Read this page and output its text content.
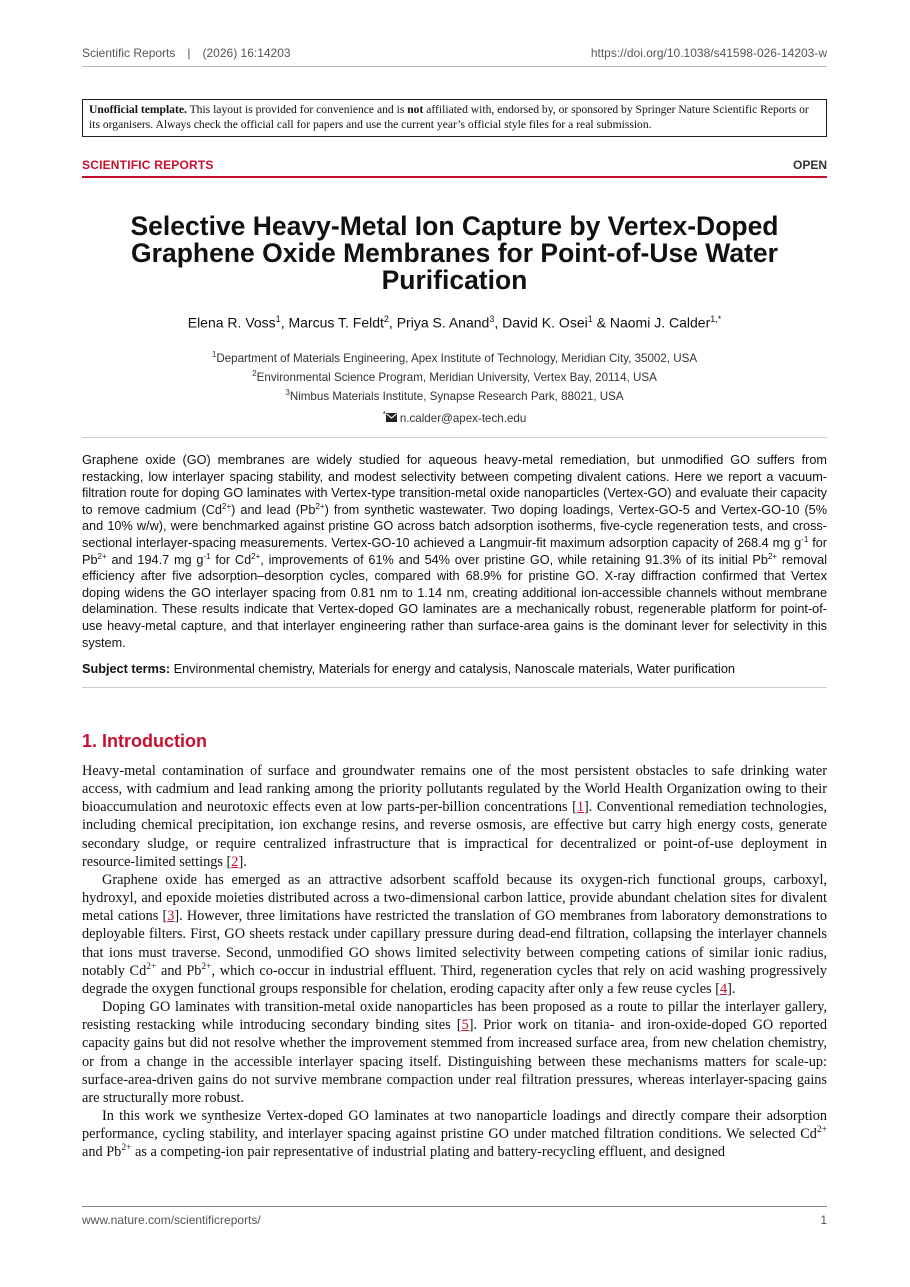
Scientific Reports | (2026) 16:14203	https://doi.org/10.1038/s41598-026-14203-w
Unofficial template. This layout is provided for convenience and is not affiliated with, endorsed by, or sponsored by Springer Nature Scientific Reports or its organisers. Always check the official call for papers and use the current year’s official style files for a real submission.
SCIENTIFIC REPORTS	OPEN
Selective Heavy-Metal Ion Capture by Vertex-Doped Graphene Oxide Membranes for Point-of-Use Water Purification
Elena R. Voss$^1$, Marcus T. Feldt$^2$, Priya S. Anand$^3$, David K. Osei$^1$ & Naomi J. Calder$^{1,*}$
$^1$Department of Materials Engineering, Apex Institute of Technology, Meridian City, 35002, USA
$^2$Environmental Science Program, Meridian University, Vertex Bay, 20114, USA
$^3$Nimbus Materials Institute, Synapse Research Park, 88021, USA
* n.calder@apex-tech.edu
Graphene oxide (GO) membranes are widely studied for aqueous heavy-metal remediation, but unmodified GO suffers from restacking, low interlayer spacing stability, and modest selectivity between competing divalent cations. Here we report a vacuum-filtration route for doping GO laminates with Vertex-type transition-metal oxide nanoparticles (Vertex-GO) and evaluate their capacity to remove cadmium $(Cd^{2+})$ and lead $(Pb^{2+})$ from synthetic wastewater. Two doping loadings, Vertex-GO-5 and Vertex-GO-10 (5% and 10% w/w), were benchmarked against pristine GO across batch adsorption isotherms, five-cycle regeneration tests, and cross-sectional interlayer-spacing measurements. Vertex-GO-10 achieved a Langmuir-fit maximum adsorption capacity of 268.4 mg $g^{-1}$ for $Pb^{2+}$ and 194.7 mg $g^{-1}$ for $Cd^{2+}$, improvements of 61% and 54% over pristine GO, while retaining 91.3% of its initial $Pb^{2+}$ removal efficiency after five adsorption–desorption cycles, compared with 68.9% for pristine GO. X-ray diffraction confirmed that Vertex doping widens the GO interlayer spacing from 0.81 nm to 1.14 nm, creating additional ion-accessible channels without membrane delamination. These results indicate that Vertex-doped GO laminates are a mechanically robust, regenerable platform for point-of-use heavy-metal capture, and that interlayer engineering rather than surface-area gains is the dominant lever for selectivity in this system.
Subject terms: Environmental chemistry, Materials for energy and catalysis, Nanoscale materials, Water purification
1. Introduction

Heavy-metal contamination of surface and groundwater remains one of the most persistent obstacles to safe drinking water access, with cadmium and lead ranking among the priority pollutants regulated by the World Health Organization owing to their bioaccumulation and neurotoxic effects even at low parts-per-billion concentrations [1]. Conventional remediation technologies, including chemical precipitation, ion exchange resins, and reverse osmosis, are effective but carry high energy costs, generate secondary sludge, or require centralized infrastructure that is impractical for decentralized or point-of-use deployment in resource-limited settings [2].

Graphene oxide has emerged as an attractive adsorbent scaffold because its oxygen-rich functional groups, carboxyl, hydroxyl, and epoxide moieties distributed across a two-dimensional carbon lattice, provide abundant chelation sites for divalent metal cations [3]. However, three limitations have restricted the translation of GO membranes from laboratory demonstrations to deployable filters. First, GO sheets restack under capillary pressure during dead-end filtration, collapsing the interlayer channels that ions must traverse. Second, unmodified GO shows limited selectivity between competing cations of similar ionic radius, notably $Cd^{2+}$ and $Pb^{2+}$, which co-occur in industrial effluent. Third, regeneration cycles that rely on acid washing progressively degrade the oxygen functional groups responsible for chelation, eroding capacity after only a few reuse cycles [4].

Doping GO laminates with transition-metal oxide nanoparticles has been proposed as a route to pillar the interlayer gallery, resisting restacking while introducing secondary binding sites [5]. Prior work on titania- and iron-oxide-doped GO reported capacity gains but did not resolve whether the improvement stemmed from increased surface area, from new chelation chemistry, or from a change in the accessible interlayer spacing itself. Distinguishing between these mechanisms matters for scale-up: surface-area-driven gains do not survive membrane compaction under real filtration pressures, whereas interlayer-spacing gains are structurally more robust.

In this work we synthesize Vertex-doped GO laminates at two nanoparticle loadings and directly compare their adsorption performance, cycling stability, and interlayer spacing against pristine GO under matched filtration conditions. We selected $Cd^{2+}$ and $Pb^{2+}$ as a competing-ion pair representative of industrial plating and battery-recycling effluent, and designed

www.nature.com/scientificreports/	1
